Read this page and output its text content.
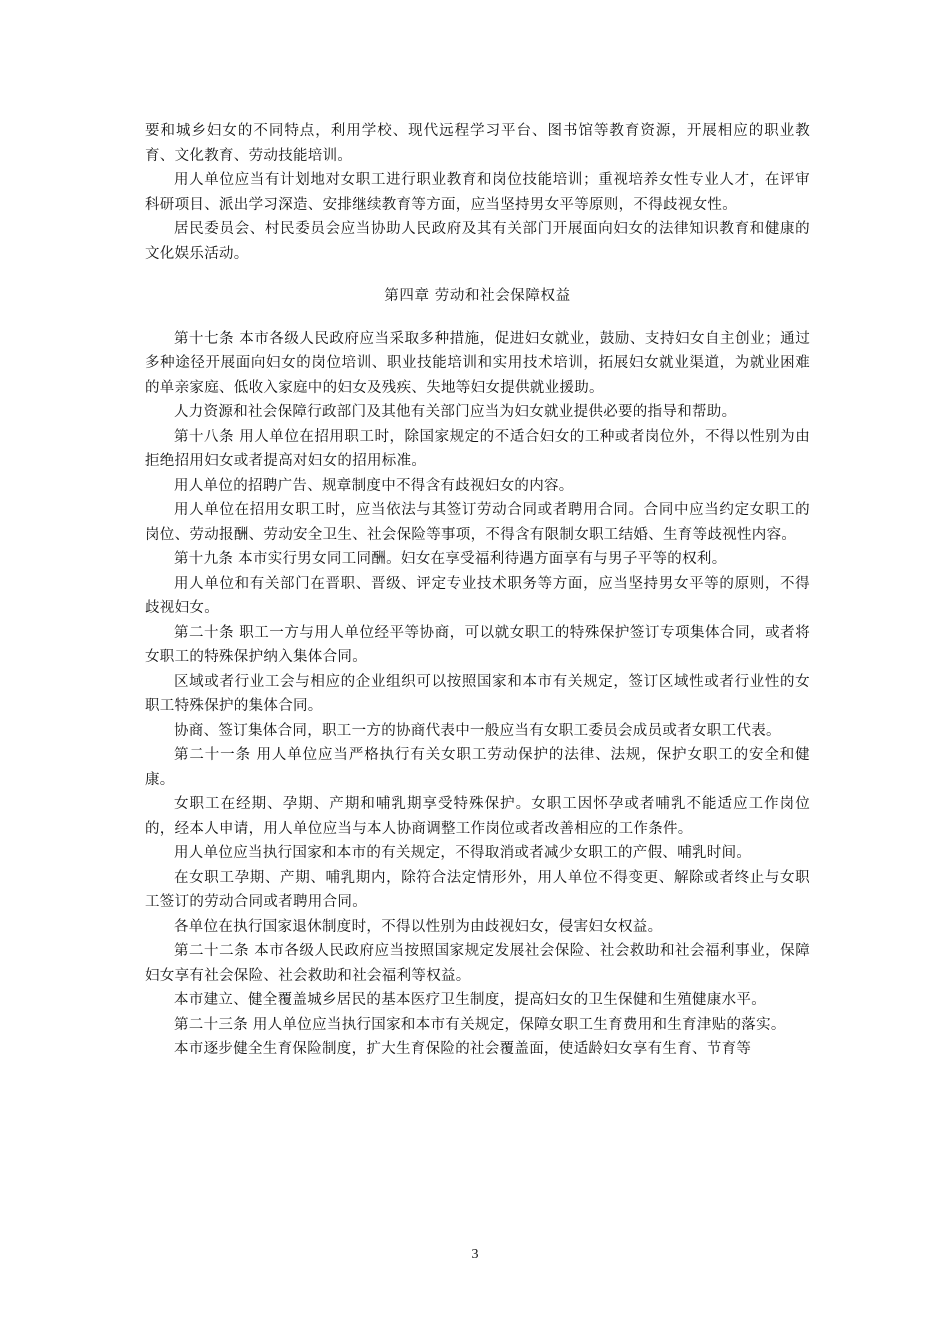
要和城乡妇女的不同特点，利用学校、现代远程学习平台、图书馆等教育资源，开展相应的职业教育、文化教育、劳动技能培训。

用人单位应当有计划地对女职工进行职业教育和岗位技能培训；重视培养女性专业人才，在评审科研项目、派出学习深造、安排继续教育等方面，应当坚持男女平等原则，不得歧视女性。

居民委员会、村民委员会应当协助人民政府及其有关部门开展面向妇女的法律知识教育和健康的文化娱乐活动。

第四章 劳动和社会保障权益

第十七条 本市各级人民政府应当采取多种措施，促进妇女就业，鼓励、支持妇女自主创业；通过多种途径开展面向妇女的岗位培训、职业技能培训和实用技术培训，拓展妇女就业渠道，为就业困难的单亲家庭、低收入家庭中的妇女及残疾、失地等妇女提供就业援助。

人力资源和社会保障行政部门及其他有关部门应当为妇女就业提供必要的指导和帮助。

第十八条 用人单位在招用职工时，除国家规定的不适合妇女的工种或者岗位外，不得以性别为由拒绝招用妇女或者提高对妇女的招用标准。

用人单位的招聘广告、规章制度中不得含有歧视妇女的内容。

用人单位在招用女职工时，应当依法与其签订劳动合同或者聘用合同。合同中应当约定女职工的岗位、劳动报酬、劳动安全卫生、社会保险等事项，不得含有限制女职工结婚、生育等歧视性内容。

第十九条 本市实行男女同工同酬。妇女在享受福利待遇方面享有与男子平等的权利。

用人单位和有关部门在晋职、晋级、评定专业技术职务等方面，应当坚持男女平等的原则，不得歧视妇女。

第二十条 职工一方与用人单位经平等协商，可以就女职工的特殊保护签订专项集体合同，或者将女职工的特殊保护纳入集体合同。

区域或者行业工会与相应的企业组织可以按照国家和本市有关规定，签订区域性或者行业性的女职工特殊保护的集体合同。

协商、签订集体合同，职工一方的协商代表中一般应当有女职工委员会成员或者女职工代表。

第二十一条 用人单位应当严格执行有关女职工劳动保护的法律、法规，保护女职工的安全和健康。

女职工在经期、孕期、产期和哺乳期享受特殊保护。女职工因怀孕或者哺乳不能适应工作岗位的，经本人申请，用人单位应当与本人协商调整工作岗位或者改善相应的工作条件。

用人单位应当执行国家和本市的有关规定，不得取消或者减少女职工的产假、哺乳时间。

在女职工孕期、产期、哺乳期内，除符合法定情形外，用人单位不得变更、解除或者终止与女职工签订的劳动合同或者聘用合同。

各单位在执行国家退休制度时，不得以性别为由歧视妇女，侵害妇女权益。

第二十二条 本市各级人民政府应当按照国家规定发展社会保险、社会救助和社会福利事业，保障妇女享有社会保险、社会救助和社会福利等权益。

本市建立、健全覆盖城乡居民的基本医疗卫生制度，提高妇女的卫生保健和生殖健康水平。

第二十三条 用人单位应当执行国家和本市有关规定，保障女职工生育费用和生育津贴的落实。

本市逐步健全生育保险制度，扩大生育保险的社会覆盖面，使适龄妇女享有生育、节育等

3
